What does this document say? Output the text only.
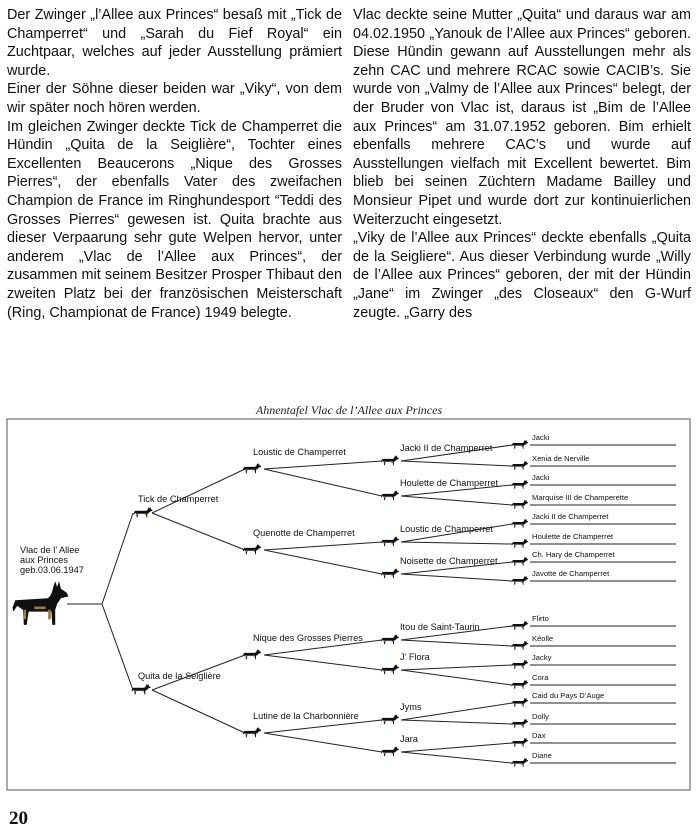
Der Zwinger „l’Allee aux Princes“ besaß mit „Tick de Champerret“ und „Sarah du Fief Royal“ ein Zuchtpaar, welches auf jeder Ausstellung prämiert wurde.

Einer der Söhne dieser beiden war „Viky“, von dem wir später noch hören werden.

Im gleichen Zwinger deckte Tick de Champerret die Hündin „Quita de la Seiglière“, Tochter eines Excellenten Beaucerons „Nique des Grosses Pierres“, der ebenfalls Vater des zweifachen Champion de France im Ringhundesport “Teddi des Grosses Pierres“ gewesen ist. Quita brachte aus dieser Verpaarung sehr gute Welpen hervor, unter anderem „Vlac de l’Allee aux Princes“, der zusammen mit seinem Besitzer Prosper Thibaut den zweiten Platz bei der französischen Meisterschaft (Ring, Championat de France) 1949 belegte.

Vlac deckte seine Mutter „Quita“ und daraus war am 04.02.1950 „Yanouk de l’Allee aux Princes“ geboren. Diese Hündin gewann auf Ausstellungen mehr als zehn CAC und mehrere RCAC sowie CACIB’s. Sie wurde von „Valmy de l’Allee aux Princes“ belegt, der der Bruder von Vlac ist, daraus ist „Bim de l’Allee aux Princes“ am 31.07.1952 geboren. Bim erhielt ebenfalls mehrere CAC’s und wurde auf Ausstellungen vielfach mit Excellent bewertet. Bim blieb bei seinen Züchtern Madame Bailley und Monsieur Pipet und wurde dort zur kontinuierlichen Weiterzucht eingesetzt.

„Viky de l’Allee aux Princes“ deckte ebenfalls „Quita de la Seigliere“. Aus dieser Verbindung wurde „Willy de l’Allee aux Princes“ geboren, der mit der Hündin „Jane“ im Zwinger „des Closeaux“ den G-Wurf zeugte. „Garry des

Ahnentafel Vlac de l’Allee aux Princes
Vlac de l’ Allee
aux Princes
geb.03.06.1947
Tick de Champerret
Quita de la Seiglière
Loustic de Champerret
Quenotte de Champerret
Nique des Grosses Pierres
Lutine de la Charbonnière
Jacki II de Champerret
Houlette de Champerret
Loustic de Champerret
Noisette de Champerret
Itou de Saint-Taurin
J’ Flora
Jyms
Jara
Jacki
Xenia de Nerville
Jacki
Marquise III de Champerette
Jacki II de Champerret
Houlette de Champerret
Ch. Hary de Champerret
Javotte de Champerret
Flirto
Kéolle
Jacky
Cora
Caid du Pays D’Auge
Dolly
Dax
Diane
20
